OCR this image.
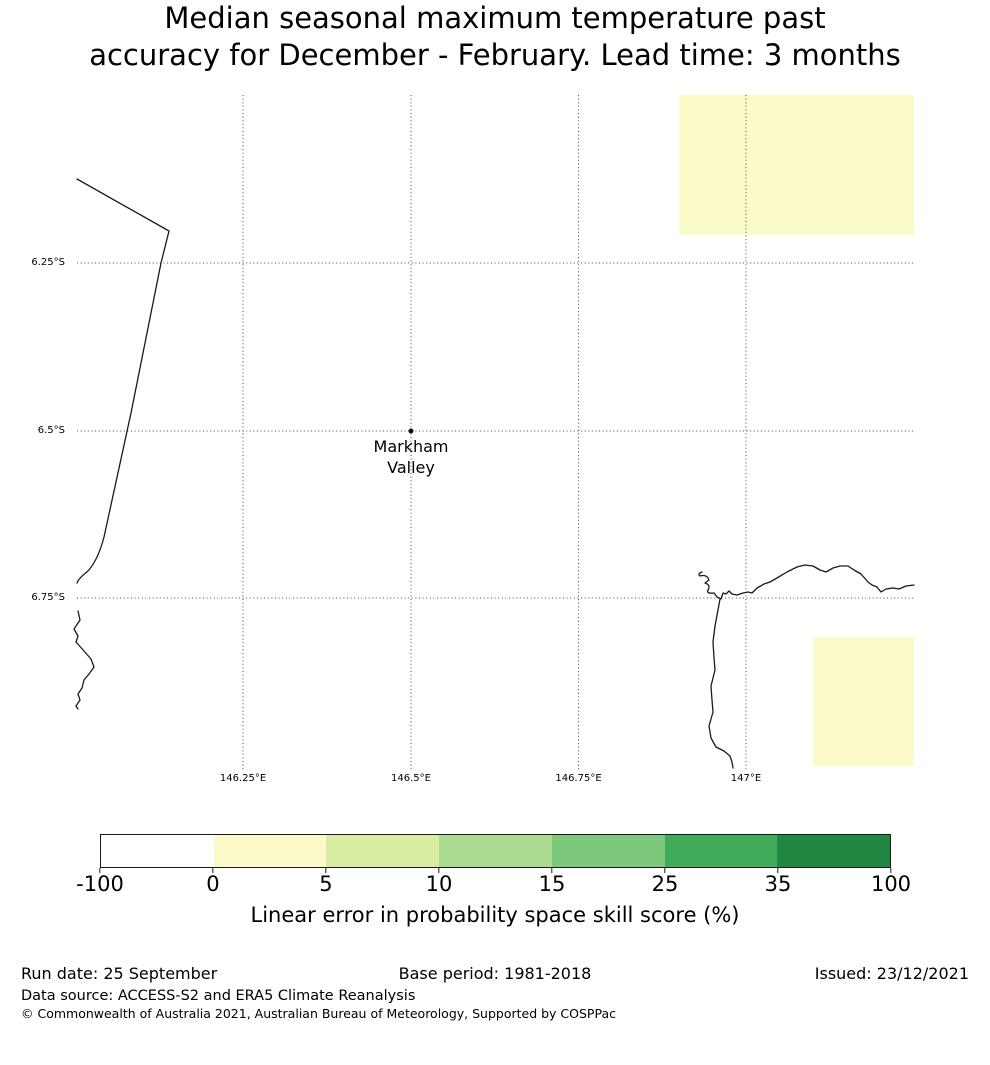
Median seasonal maximum temperature past
accuracy for December - February. Lead time: 3 months
6.25°S
6.5°S
6.75°S
146.25°E	146.5°E	146.75°E	147°E
Markham
Valley
-100	0	5	10	15	25	35	100
Linear error in probability space skill score (%)
Run date: 25 September	Base period: 1981-2018	Issued: 23/12/2021
Data source: ACCESS-S2 and ERA5 Climate Reanalysis
© Commonwealth of Australia 2021, Australian Bureau of Meteorology, Supported by COSPPac
